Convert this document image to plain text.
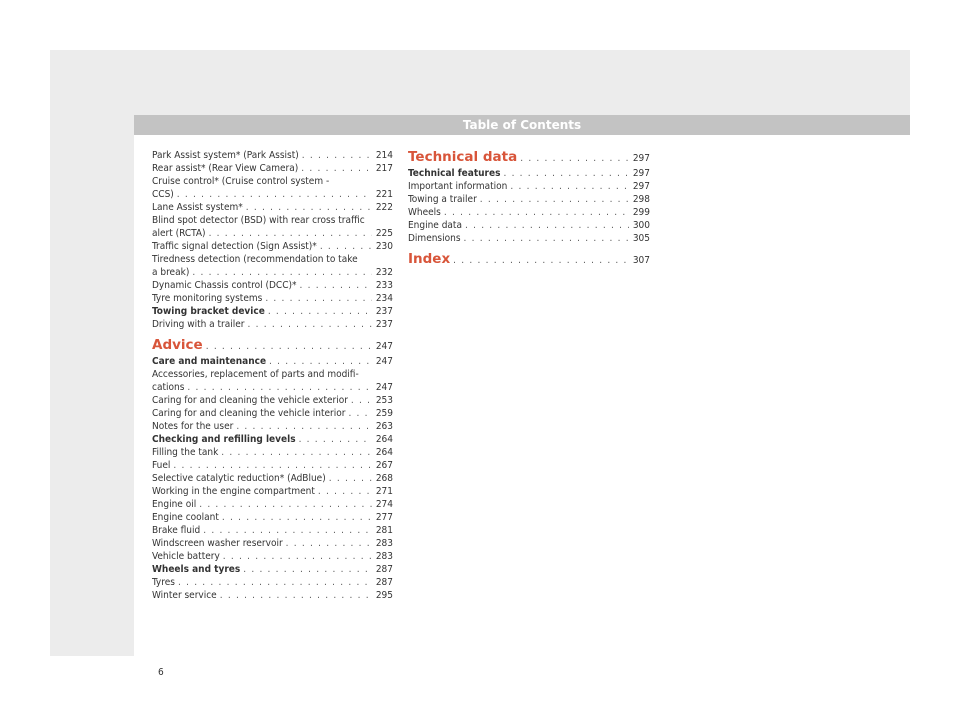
Table of Contents
Park Assist system* (Park Assist) . . .	214
Rear assist* (Rear View Camera) . . .	217
Cruise control* (Cruise control system -
CCS) . . .	221
Lane Assist system* . . .	222
Blind spot detector (BSD) with rear cross traffic
alert (RCTA) . . .	225
Traffic signal detection (Sign Assist)* . . .	230
Tiredness detection (recommendation to take
a break) . . .	232
Dynamic Chassis control (DCC)* . . .	233
Tyre monitoring systems . . .	234
Towing bracket device . . .	237
Driving with a trailer . . .	237
Advice . . .	247
Care and maintenance . . .	247
Accessories, replacement of parts and modifi-
cations . . .	247
Caring for and cleaning the vehicle exterior . . .	253
Caring for and cleaning the vehicle interior . . .	259
Notes for the user . . .	263
Checking and refilling levels . . .	264
Filling the tank . . .	264
Fuel . . .	267
Selective catalytic reduction* (AdBlue) . . .	268
Working in the engine compartment . . .	271
Engine oil . . .	274
Engine coolant . . .	277
Brake fluid . . .	281
Windscreen washer reservoir . . .	283
Vehicle battery . . .	283
Wheels and tyres . . .	287
Tyres . . .	287
Winter service . . .	295
Technical data . . .	297
Technical features . . .	297
Important information . . .	297
Towing a trailer . . .	298
Wheels . . .	299
Engine data . . .	300
Dimensions . . .	305
Index . . .	307
6
